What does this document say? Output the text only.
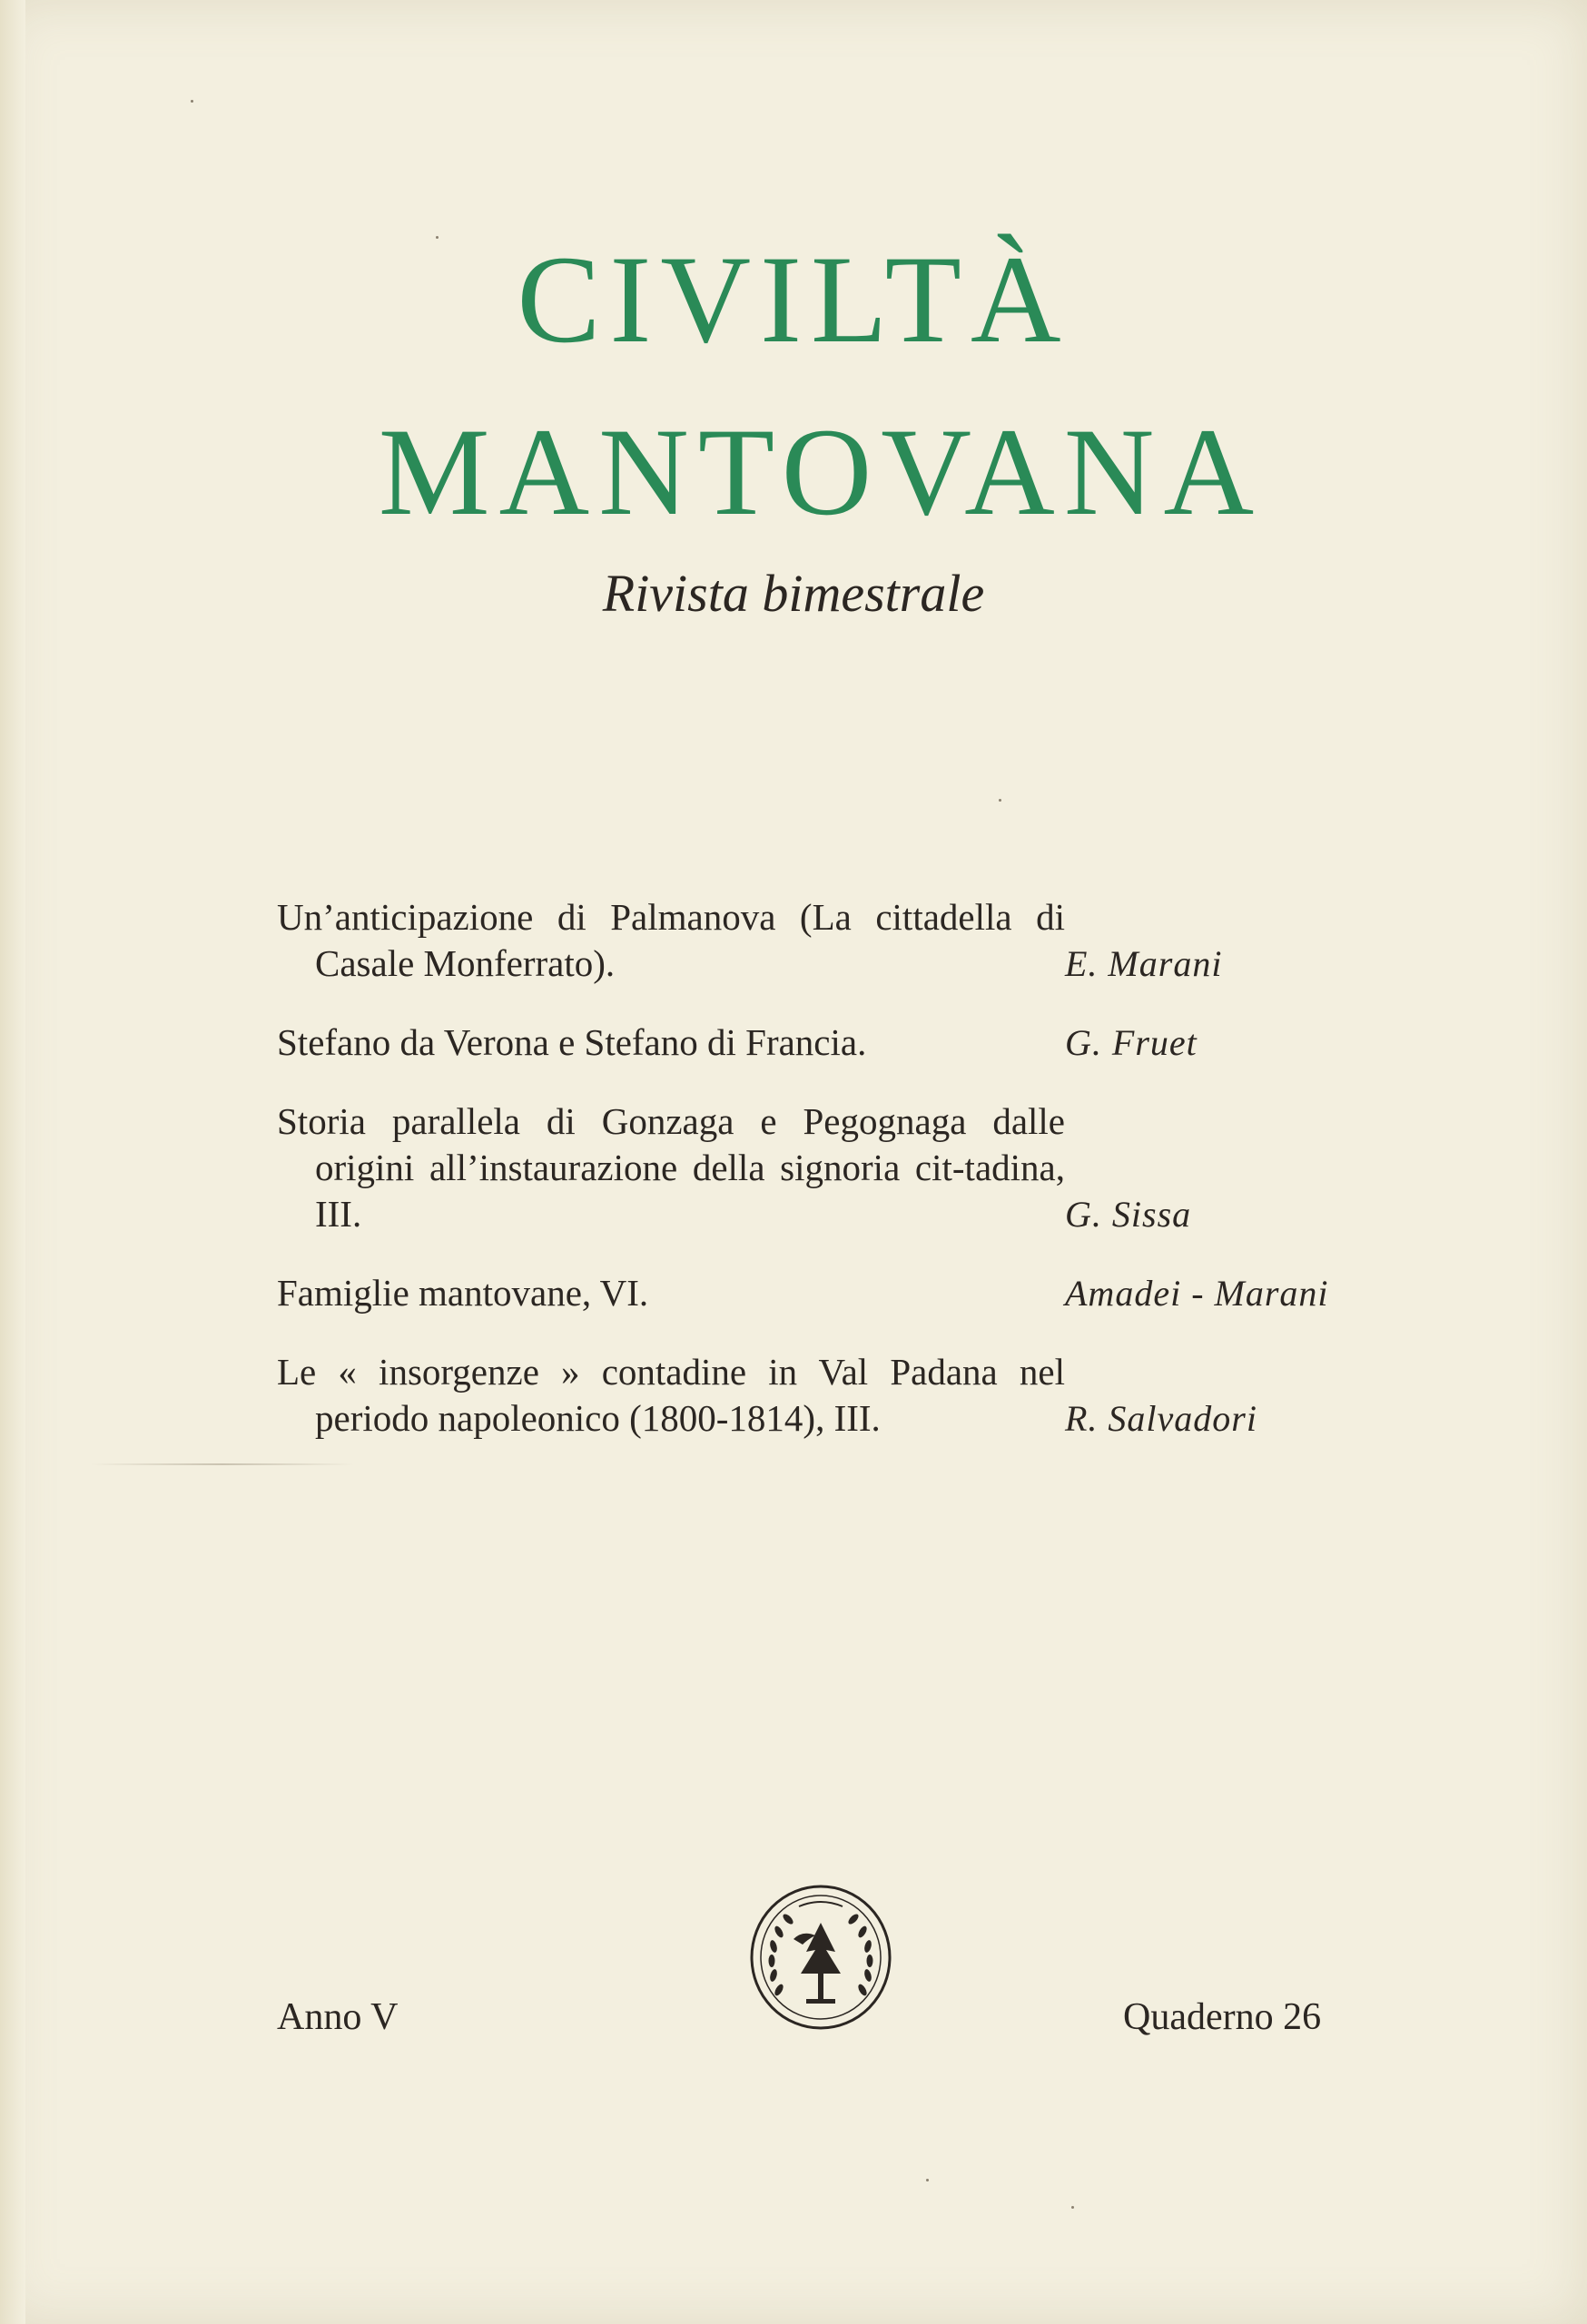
CIVILTÀ
MANTOVANA
Rivista bimestrale
Un’anticipazione di Palmanova (La cittadella di Casale Monferrato).	E. Marani
Stefano da Verona e Stefano di Francia.	G. Fruet
Storia parallela di Gonzaga e Pegognaga dalle origini all’instaurazione della signoria cit-tadina, III.	G. Sissa
Famiglie mantovane, VI.	Amadei - Marani
Le « insorgenze » contadine in Val Padana nel periodo napoleonico (1800-1814), III.	R. Salvadori
Anno V	Quaderno 26
